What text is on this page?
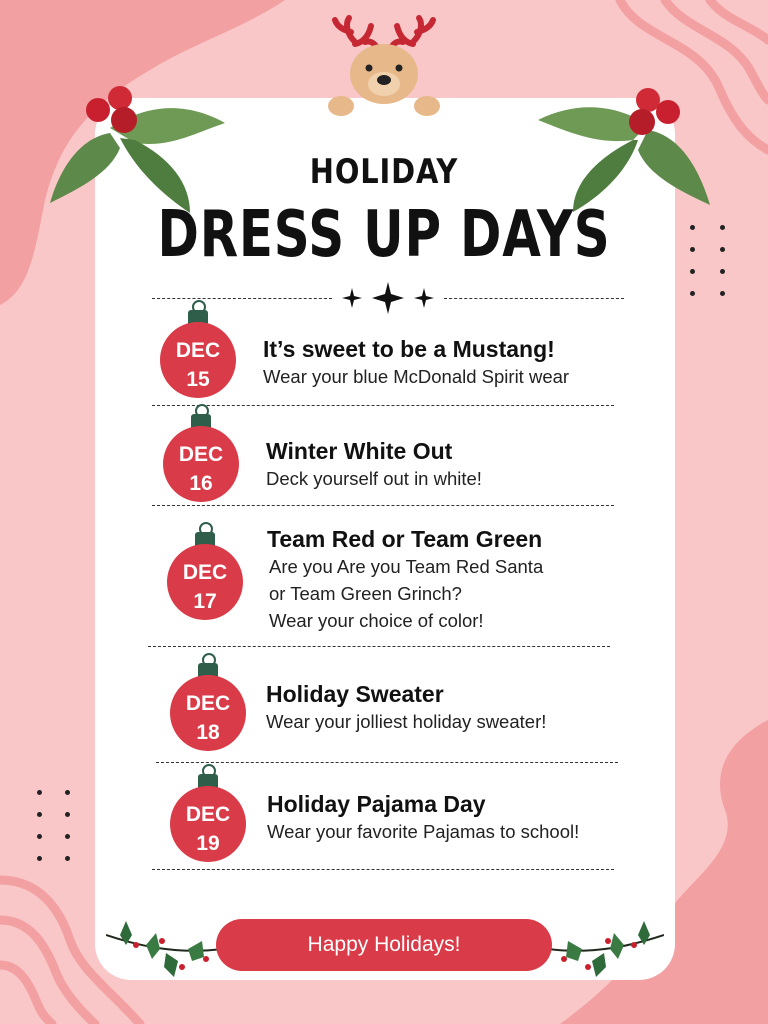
HOLIDAY
DRESS UP DAYS
DEC
15
It’s sweet to be a Mustang!
Wear your blue McDonald Spirit wear
DEC
16
Winter White Out
Deck yourself out in white!
DEC
17
Team Red or Team Green
Are you Are you Team Red Santa
or Team Green Grinch?
Wear your choice of color!
DEC
18
Holiday Sweater
Wear your jolliest holiday sweater!
DEC
19
Holiday Pajama Day
Wear your favorite Pajamas to school!
Happy Holidays!
